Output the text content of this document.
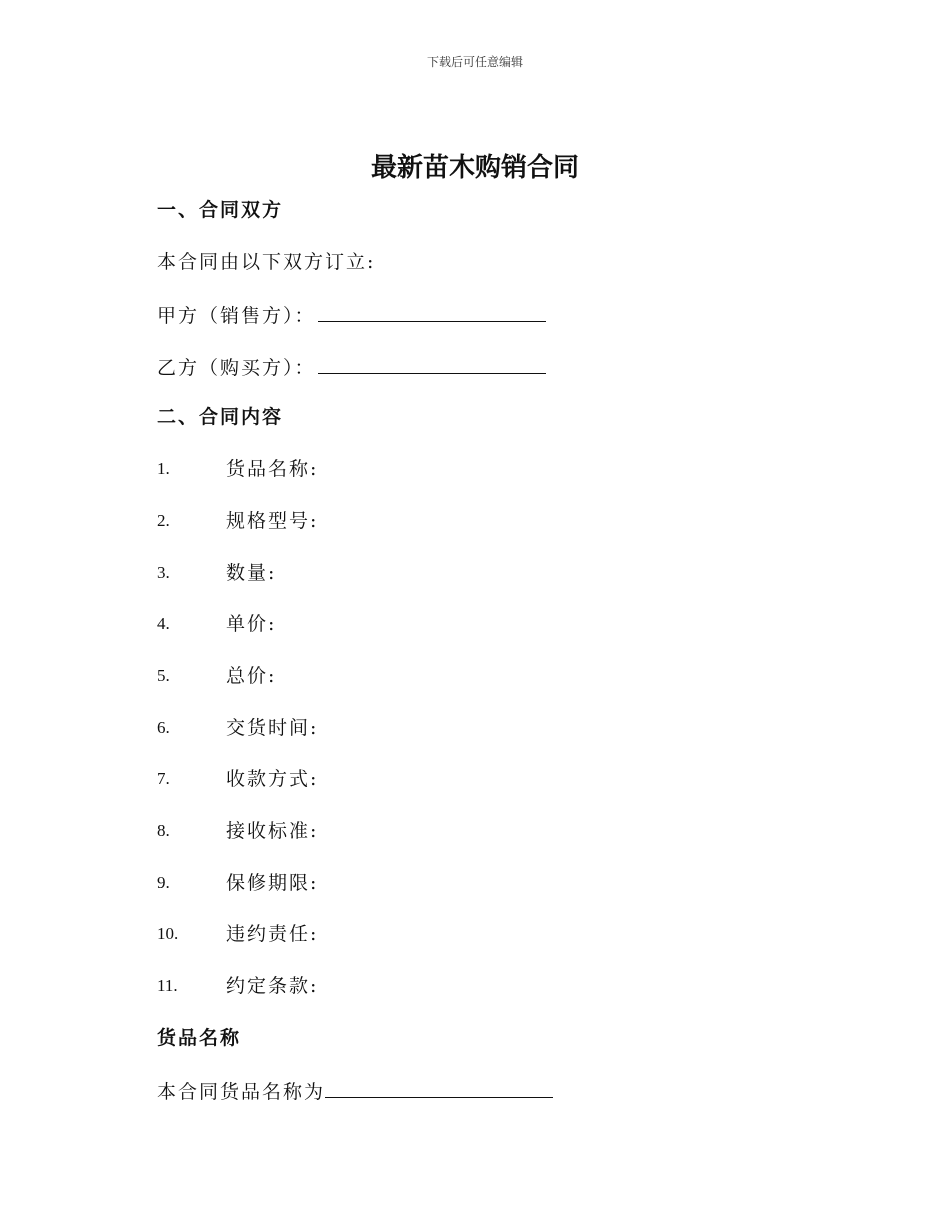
下载后可任意编辑
最新苗木购销合同
一、合同双方
本合同由以下双方订立:
甲方（销售方）：
乙方（购买方）：
二、合同内容
1.	货品名称:
2.	规格型号:
3.	数量:
4.	单价:
5.	总价:
6.	交货时间:
7.	收款方式:
8.	接收标准:
9.	保修期限:
10.	违约责任:
11.	约定条款:
货品名称
本合同货品名称为
